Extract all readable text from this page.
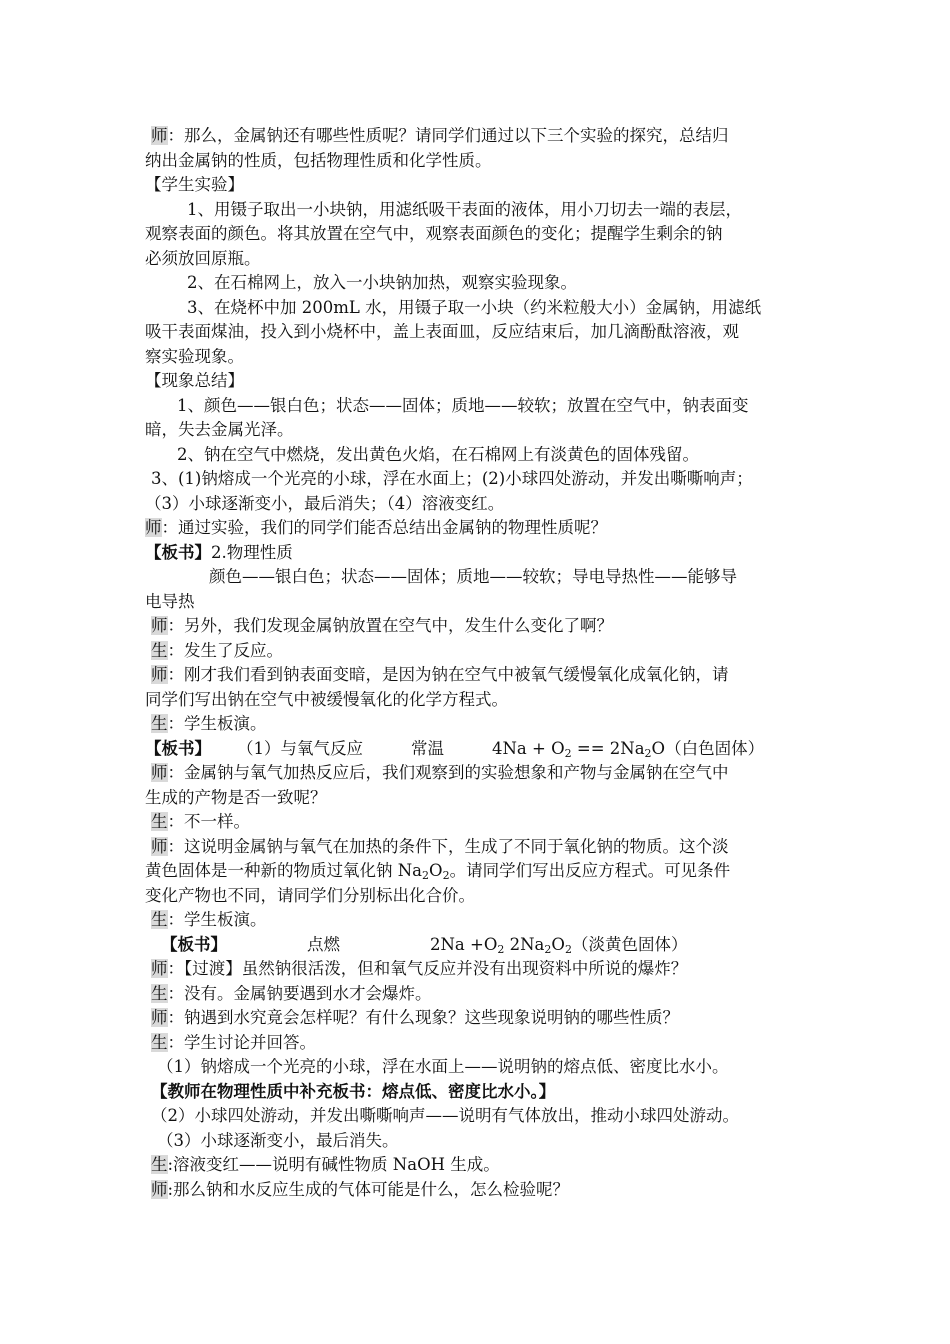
师：那么，金属钠还有哪些性质呢？请同学们通过以下三个实验的探究，总结归
纳出金属钠的性质，包括物理性质和化学性质。
【学生实验】
1、用镊子取出一小块钠，用滤纸吸干表面的液体，用小刀切去一端的表层，
观察表面的颜色。将其放置在空气中，观察表面颜色的变化；提醒学生剩余的钠
必须放回原瓶。
2、在石棉网上，放入一小块钠加热，观察实验现象。
3、在烧杯中加 200mL 水，用镊子取一小块（约米粒般大小）金属钠，用滤纸
吸干表面煤油，投入到小烧杯中，盖上表面皿，反应结束后，加几滴酚酞溶液，观
察实验现象。
【现象总结】
1、颜色——银白色；状态——固体；质地——较软；放置在空气中，钠表面变
暗，失去金属光泽。
2、钠在空气中燃烧，发出黄色火焰，在石棉网上有淡黄色的固体残留。
3、(1)钠熔成一个光亮的小球，浮在水面上；(2)小球四处游动，并发出嘶嘶响声；
（3）小球逐渐变小，最后消失；（4）溶液变红。
师：通过实验，我们的同学们能否总结出金属钠的物理性质呢？
【板书】2.物理性质
颜色——银白色；状态——固体；质地——较软；导电导热性——能够导
电导热
师：另外，我们发现金属钠放置在空气中，发生什么变化了啊？
生：发生了反应。
师：刚才我们看到钠表面变暗，是因为钠在空气中被氧气缓慢氧化成氧化钠，请
同学们写出钠在空气中被缓慢氧化的化学方程式。
生：学生板演。
【板书】 （1）与氧气反应	常温	$4Na + O_2 == 2Na_2O$（白色固体）
师：金属钠与氧气加热反应后，我们观察到的实验想象和产物与金属钠在空气中
生成的产物是否一致呢？
生：不一样。
师：这说明金属钠与氧气在加热的条件下，生成了不同于氧化钠的物质。这个淡
黄色固体是一种新的物质过氧化钠 $Na_2O_2$。请同学们写出反应方程式。可见条件
变化产物也不同，请同学们分别标出化合价。
生：学生板演。
【板书】	点燃	$2Na +O_2$ $2Na_2O_2$（淡黄色固体）
师：【过渡】虽然钠很活泼，但和氧气反应并没有出现资料中所说的爆炸？
生：没有。金属钠要遇到水才会爆炸。
师：钠遇到水究竟会怎样呢？有什么现象？这些现象说明钠的哪些性质？
生：学生讨论并回答。
（1）钠熔成一个光亮的小球，浮在水面上——说明钠的熔点低、密度比水小。
【教师在物理性质中补充板书：熔点低、密度比水小。】
（2）小球四处游动，并发出嘶嘶响声——说明有气体放出，推动小球四处游动。
（3）小球逐渐变小，最后消失。
生:溶液变红——说明有碱性物质 NaOH 生成。
师:那么钠和水反应生成的气体可能是什么，怎么检验呢？
